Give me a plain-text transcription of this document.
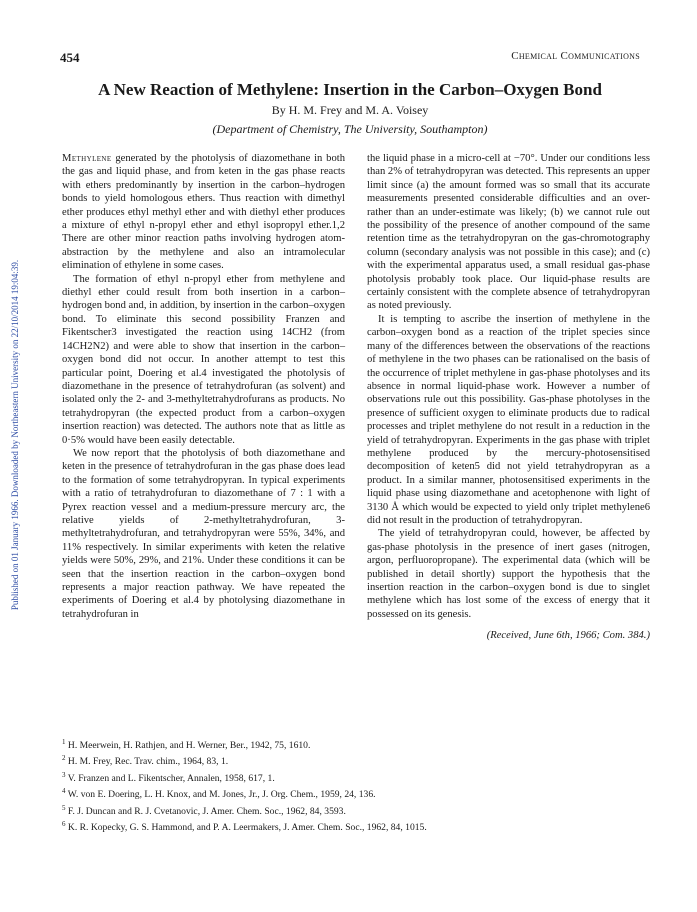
Published on 01 January 1966. Downloaded by Northeastern University on 22/10/2014 19:04:39.
454	Chemical Communications
A New Reaction of Methylene: Insertion in the Carbon–Oxygen Bond
By H. M. Frey and M. A. Voisey
(Department of Chemistry, The University, Southampton)

Methylene generated by the photolysis of diazomethane in both the gas and liquid phase, and from keten in the gas phase reacts with ethers predominantly by insertion in the carbon–hydrogen bonds to yield homologous ethers. Thus reaction with dimethyl ether produces ethyl methyl ether and with diethyl ether produces a mixture of ethyl n-propyl ether and ethyl isopropyl ether.1,2 There are other minor reaction paths involving hydrogen atom-abstraction by the methylene and also an intramolecular elimination of ethylene in some cases.

The formation of ethyl n-propyl ether from methylene and diethyl ether could result from both insertion in a carbon–hydrogen bond and, in addition, by insertion in the carbon–oxygen bond. To eliminate this second possibility Franzen and Fikentscher3 investigated the reaction using 14CH2 (from 14CH2N2) and were able to show that insertion in the carbon–oxygen bond did not occur. In another attempt to test this particular point, Doering et al.4 investigated the photolysis of diazomethane in the presence of tetrahydrofuran (as solvent) and isolated only the 2- and 3-methyltetrahydrofurans as products. No tetrahydropyran (the expected product from a carbon–oxygen insertion reaction) was detected. The authors note that as little as 0·5% would have been easily detectable.

We now report that the photolysis of both diazomethane and keten in the presence of tetrahydrofuran in the gas phase does lead to the formation of some tetrahydropyran. In typical experiments with a ratio of tetrahydrofuran to diazomethane of 7 : 1 with a Pyrex reaction vessel and a medium-pressure mercury arc, the relative yields of 2-methyltetrahydrofuran, 3-methyltetrahydrofuran, and tetrahydropyran were 55%, 34%, and 11% respectively. In similar experiments with keten the relative yields were 50%, 29%, and 21%. Under these conditions it can be seen that the insertion reaction in the carbon–oxygen bond represents a major reaction pathway. We have repeated the experiments of Doering et al.4 by photolysing diazomethane in tetrahydrofuran in

the liquid phase in a micro-cell at −70°. Under our conditions less than 2% of tetrahydropyran was detected. This represents an upper limit since (a) the amount formed was so small that its accurate measurements presented considerable difficulties and an over- rather than an under-estimate was likely; (b) we cannot rule out the possibility of the presence of another compound of the same retention time as the tetrahydropyran on the gas-chromotography column (secondary analysis was not possible in this case); and (c) with the experimental apparatus used, a small residual gas-phase photolysis probably took place. Our liquid-phase results are certainly consistent with the complete absence of tetrahydropyran as noted previously.

It is tempting to ascribe the insertion of methylene in the carbon–oxygen bond as a reaction of the triplet species since many of the differences between the observations of the reactions of methylene in the two phases can be rationalised on the basis of the occurrence of triplet methylene in gas-phase photolyses and its absence in normal liquid-phase work. However a number of observations rule out this possibility. Gas-phase photolyses in the presence of sufficient oxygen to eliminate products due to radical processes and triplet methylene do not result in a reduction in the yield of tetrahydropyran. Experiments in the gas phase with triplet methylene produced by the mercury-photosensitised decomposition of keten5 did not yield tetrahydropyran as a product. In a similar manner, photosensitised experiments in the liquid phase using diazomethane and acetophenone with light of 3130 Å which would be expected to yield only triplet methylene6 did not result in the production of tetrahydropyran.

The yield of tetrahydropyran could, however, be affected by gas-phase photolysis in the presence of inert gases (nitrogen, argon, perfluoropropane). The experimental data (which will be published in detail shortly) support the hypothesis that the insertion reaction in the carbon–oxygen bond is due to singlet methylene which has lost some of the excess of energy that it possessed on its genesis.

(Received, June 6th, 1966; Com. 384.)
$^1$ H. Meerwein, H. Rathjen, and H. Werner, Ber., 1942, 75, 1610.
$^2$ H. M. Frey, Rec. Trav. chim., 1964, 83, 1.
$^3$ V. Franzen and L. Fikentscher, Annalen, 1958, 617, 1.
$^4$ W. von E. Doering, L. H. Knox, and M. Jones, Jr., J. Org. Chem., 1959, 24, 136.
$^5$ F. J. Duncan and R. J. Cvetanovic, J. Amer. Chem. Soc., 1962, 84, 3593.
$^6$ K. R. Kopecky, G. S. Hammond, and P. A. Leermakers, J. Amer. Chem. Soc., 1962, 84, 1015.
